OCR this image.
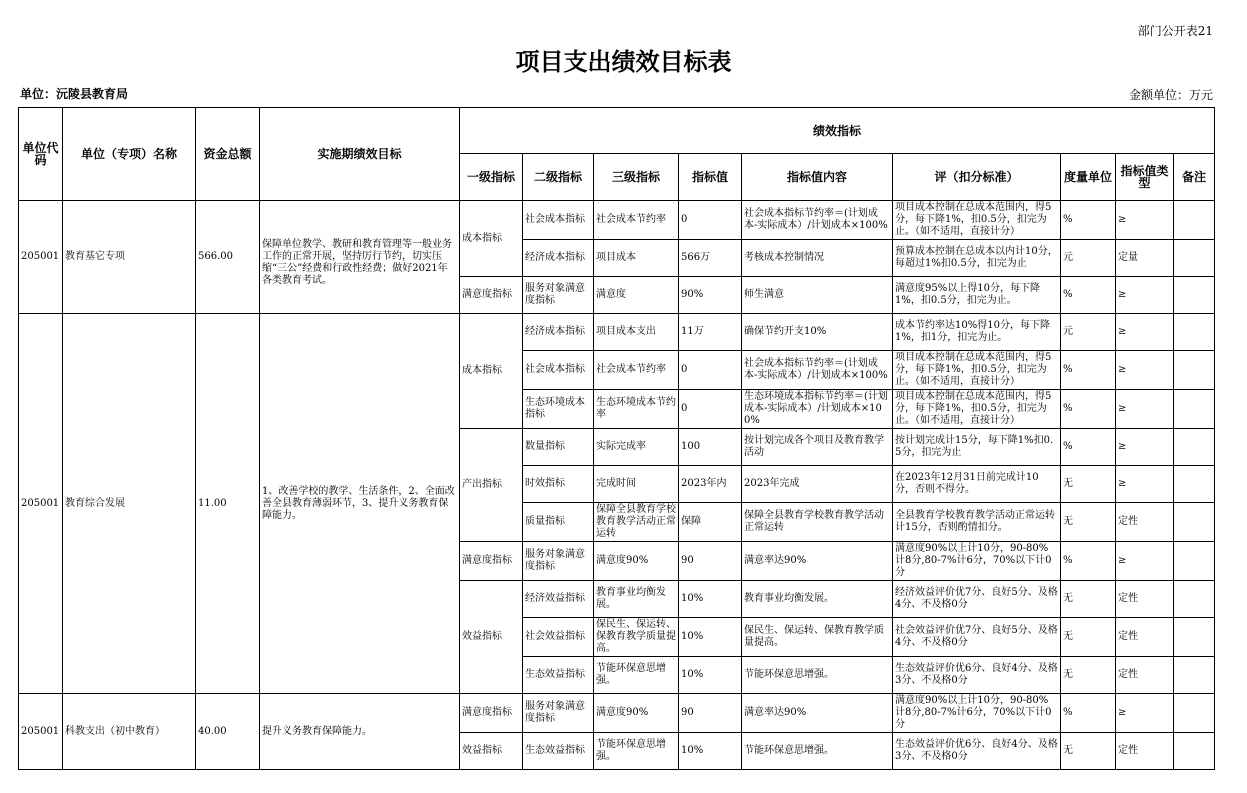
部门公开表21
项目支出绩效目标表
单位：沅陵县教育局	金额单位：万元
单位代码	单位（专项）名称	资金总额	实施期绩效目标	绩效指标								
				一级指标	二级指标	三级指标	指标值	指标值内容	评（扣分标准）	度量单位	指标值类型	备注

205001	教育基它专项	566.00	保障单位教学、教研和教育管理等一般业务工作的正常开展，坚持厉行节约，切实压缩“三公”经费和行政性经费；做好2021年各类教育考试。	成本指标	社会成本指标	社会成本节约率	0	社会成本指标节约率＝(计划成本-实际成本）/计划成本×100%	项目成本控制在总成本范围内，得5分，每下降1%，扣0.5分，扣完为止。（如不适用，直接计分）	%	≥	

					经济成本指标	项目成本	566万	考核成本控制情况	预算成本控制在总成本以内计10分，每超过1%扣0.5分，扣完为止	元	定量	

				满意度指标	服务对象满意度指标	满意度	90%	师生满意	满意度95%以上得10分，每下降1%，扣0.5分，扣完为止。	%	≥	

205001	教育综合发展	11.00	1、改善学校的教学、生活条件，2、全面改善全县教育薄弱环节，3、提升义务教育保障能力。	成本指标	经济成本指标	项目成本支出	11万	确保节约开支10%	成本节约率达10%得10分，每下降1%，扣1分，扣完为止。	元	≥	

					社会成本指标	社会成本节约率	0	社会成本指标节约率＝(计划成本-实际成本）/计划成本×100%	项目成本控制在总成本范围内，得5分，每下降1%，扣0.5分，扣完为止。（如不适用，直接计分）	%	≥	

					生态环境成本指标	生态环境成本节约率	0	生态环境成本指标节约率＝(计划成本-实际成本）/计划成本×100%	项目成本控制在总成本范围内，得5分，每下降1%，扣0.5分，扣完为止。（如不适用，直接计分）	%	≥	

				产出指标	数量指标	实际完成率	100	按计划完成各个项目及教育教学活动	按计划完成计15分，每下降1%扣0.5分，扣完为止	%	≥	

					时效指标	完成时间	2023年内	2023年完成	在2023年12月31日前完成计10分，否则不得分。	无	≥	

					质量指标	保障全县教育学校教育教学活动正常运转	保障	保障全县教育学校教育教学活动正常运转	全县教育学校教育教学活动正常运转计15分，否则酌情扣分。	无	定性	

				满意度指标	服务对象满意度指标	满意度90%	90	满意率达90%	满意度90%以上计10分，90-80%计8分,80-7%计6分，70%以下计0分	%	≥	

				效益指标	经济效益指标	教育事业均衡发展。	10%	教育事业均衡发展。	经济效益评价优7分、良好5分、及格4分、不及格0分	无	定性	

					社会效益指标	保民生、保运转、保教育教学质量提高。	10%	保民生、保运转、保教育教学质量提高。	社会效益评价优7分、良好5分、及格4分、不及格0分	无	定性	

					生态效益指标	节能环保意思增强。	10%	节能环保意思增强。	生态效益评价优6分、良好4分、及格3分、不及格0分	无	定性	

205001	科教支出（初中教育）	40.00	提升义务教育保障能力。	满意度指标	服务对象满意度指标	满意度90%	90	满意率达90%	满意度90%以上计10分，90-80%计8分,80-7%计6分，70%以下计0分	%	≥	

				效益指标	生态效益指标	节能环保意思增强。	10%	节能环保意思增强。	生态效益评价优6分、良好4分、及格3分、不及格0分	无	定性	
